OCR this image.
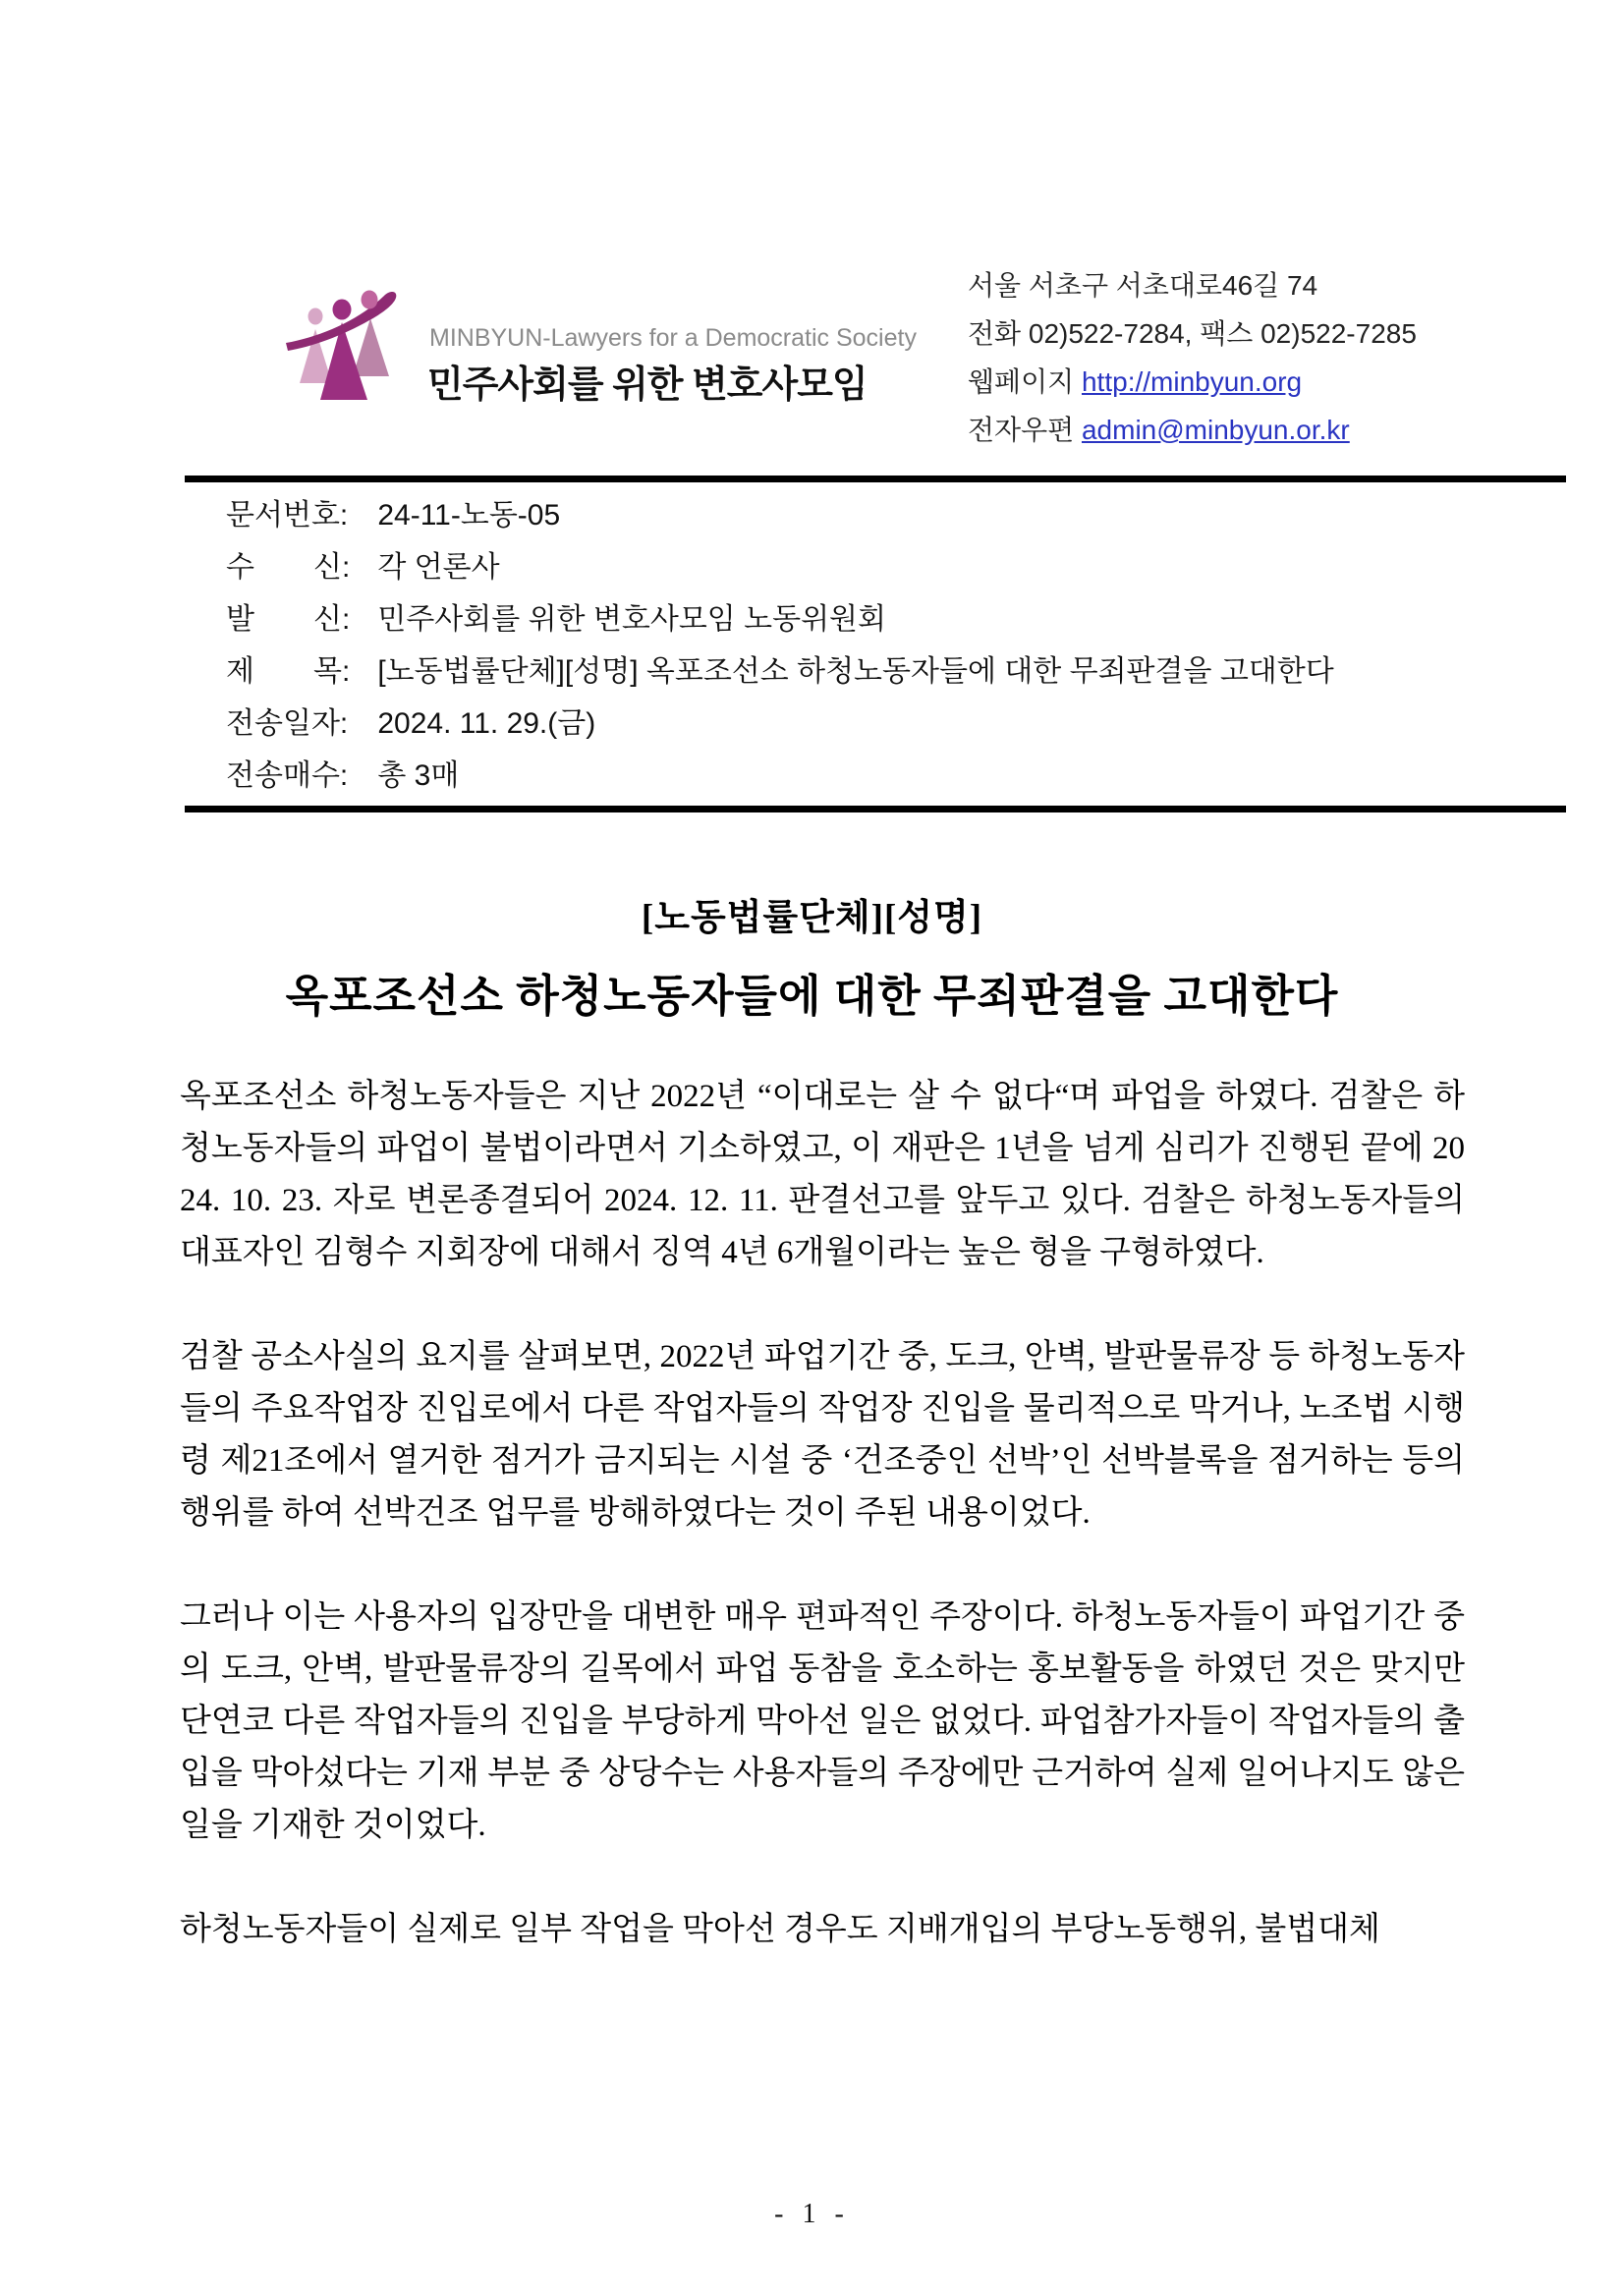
MINBYUN-Lawyers for a Democratic Society
민주사회를 위한 변호사모임
서울 서초구 서초대로46길 74
전화 02)522-7284, 팩스 02)522-7285
웹페이지 http://minbyun.org
전자우편 admin@minbyun.or.kr
문서번호: 24-11-노동-05
수　　신: 각 언론사
발　　신: 민주사회를 위한 변호사모임 노동위원회
제　　목: [노동법률단체][성명] 옥포조선소 하청노동자들에 대한 무죄판결을 고대한다
전송일자: 2024. 11. 29.(금)
전송매수: 총 3매

[노동법률단체][성명]

옥포조선소 하청노동자들에 대한 무죄판결을 고대한다

옥포조선소 하청노동자들은 지난 2022년 “이대로는 살 수 없다“며 파업을 하였다. 검찰은 하청노동자들의 파업이 불법이라면서 기소하였고, 이 재판은 1년을 넘게 심리가 진행된 끝에 2024. 10. 23. 자로 변론종결되어 2024. 12. 11. 판결선고를 앞두고 있다. 검찰은 하청노동자들의 대표자인 김형수 지회장에 대해서 징역 4년 6개월이라는 높은 형을 구형하였다.

검찰 공소사실의 요지를 살펴보면, 2022년 파업기간 중, 도크, 안벽, 발판물류장 등 하청노동자들의 주요작업장 진입로에서 다른 작업자들의 작업장 진입을 물리적으로 막거나, 노조법 시행령 제21조에서 열거한 점거가 금지되는 시설 중 ‘건조중인 선박’인 선박블록을 점거하는 등의 행위를 하여 선박건조 업무를 방해하였다는 것이 주된 내용이었다.

그러나 이는 사용자의 입장만을 대변한 매우 편파적인 주장이다. 하청노동자들이 파업기간 중의 도크, 안벽, 발판물류장의 길목에서 파업 동참을 호소하는 홍보활동을 하였던 것은 맞지만 단연코 다른 작업자들의 진입을 부당하게 막아선 일은 없었다. 파업참가자들이 작업자들의 출입을 막아섰다는 기재 부분 중 상당수는 사용자들의 주장에만 근거하여 실제 일어나지도 않은 일을 기재한 것이었다.

하청노동자들이 실제로 일부 작업을 막아선 경우도 지배개입의 부당노동행위, 불법대체

- 1 -
